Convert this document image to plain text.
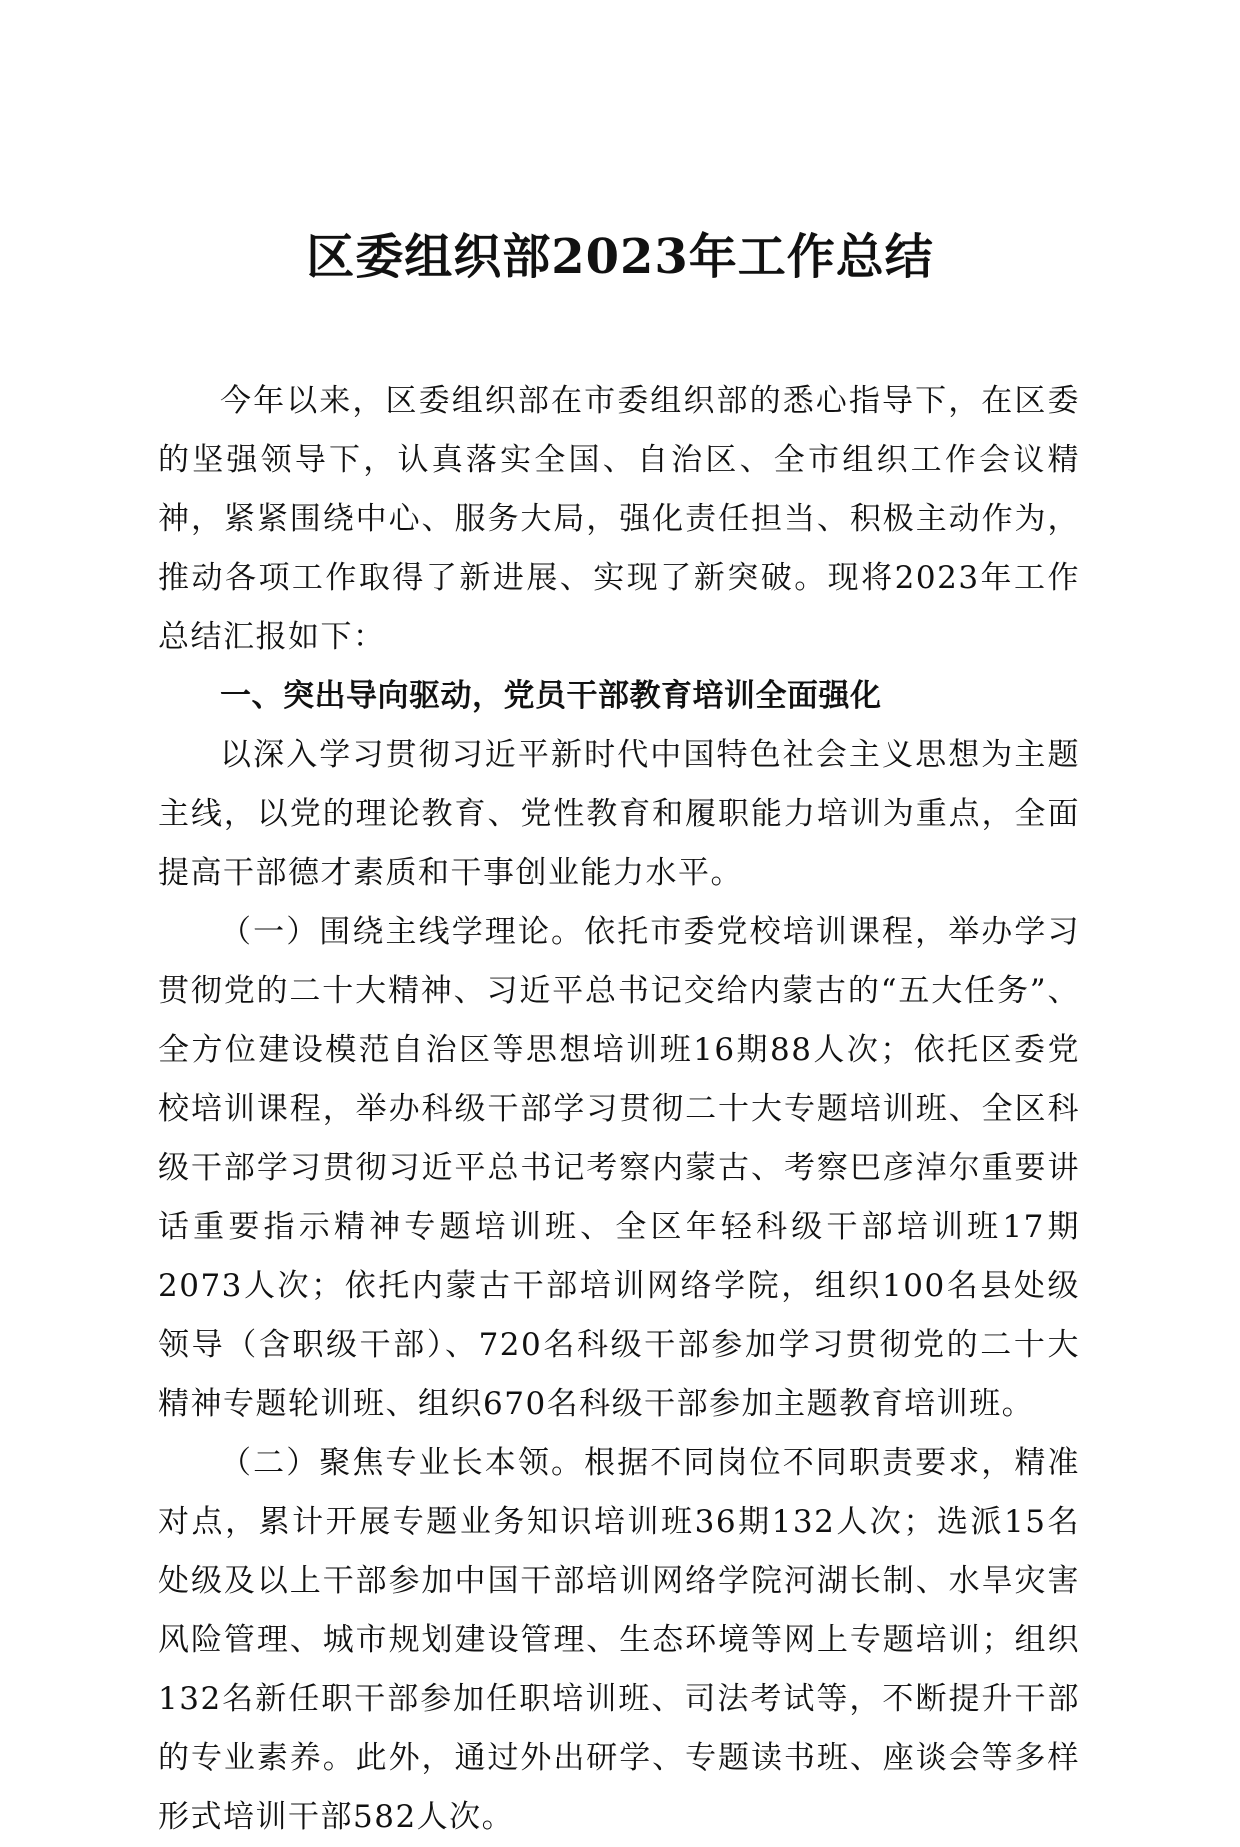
区委组织部2023年工作总结

今年以来，区委组织部在市委组织部的悉心指导下，在区委的坚强领导下，认真落实全国、自治区、全市组织工作会议精神，紧紧围绕中心、服务大局，强化责任担当、积极主动作为，推动各项工作取得了新进展、实现了新突破。现将2023年工作总结汇报如下：

一、突出导向驱动，党员干部教育培训全面强化

以深入学习贯彻习近平新时代中国特色社会主义思想为主题主线，以党的理论教育、党性教育和履职能力培训为重点，全面提高干部德才素质和干事创业能力水平。

（一）围绕主线学理论。依托市委党校培训课程，举办学习贯彻党的二十大精神、习近平总书记交给内蒙古的“五大任务”、全方位建设模范自治区等思想培训班16期88人次；依托区委党校培训课程，举办科级干部学习贯彻二十大专题培训班、全区科级干部学习贯彻习近平总书记考察内蒙古、考察巴彦淖尔重要讲话重要指示精神专题培训班、全区年轻科级干部培训班17期2073人次；依托内蒙古干部培训网络学院，组织100名县处级领导（含职级干部）、720名科级干部参加学习贯彻党的二十大精神专题轮训班、组织670名科级干部参加主题教育培训班。

（二）聚焦专业长本领。根据不同岗位不同职责要求，精准对点，累计开展专题业务知识培训班36期132人次；选派15名处级及以上干部参加中国干部培训网络学院河湖长制、水旱灾害风险管理、城市规划建设管理、生态环境等网上专题培训；组织132名新任职干部参加任职培训班、司法考试等，不断提升干部的专业素养。此外，通过外出研学、专题读书班、座谈会等多样形式培训干部582人次。
